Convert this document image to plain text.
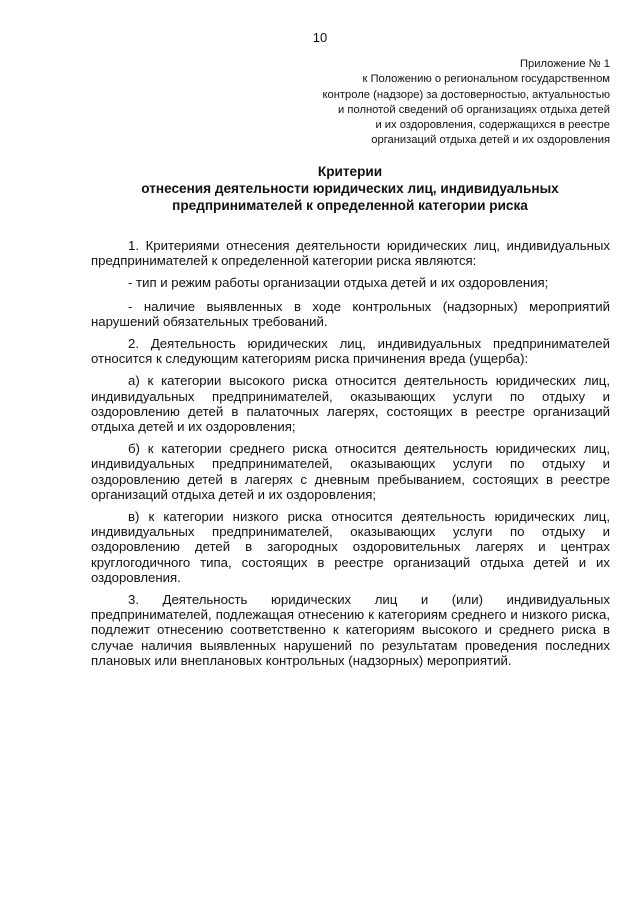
10
Приложение № 1
к Положению о региональном государственном
контроле (надзоре) за достоверностью, актуальностью
и полнотой сведений об организациях отдыха детей
и их оздоровления, содержащихся в реестре
организаций отдыха детей и их оздоровления
Критерии
отнесения деятельности юридических лиц, индивидуальных
предпринимателей к определенной категории риска

1. Критериями отнесения деятельности юридических лиц, индивидуальных предпринимателей к определенной категории риска являются:

- тип и режим работы организации отдыха детей и их оздоровления;

- наличие выявленных в ходе контрольных (надзорных) мероприятий нарушений обязательных требований.

2. Деятельность юридических лиц, индивидуальных предпринимателей относится к следующим категориям риска причинения вреда (ущерба):

а) к категории высокого риска относится деятельность юридических лиц, индивидуальных предпринимателей, оказывающих услуги по отдыху и оздоровлению детей в палаточных лагерях, состоящих в реестре организаций отдыха детей и их оздоровления;

б) к категории среднего риска относится деятельность юридических лиц, индивидуальных предпринимателей, оказывающих услуги по отдыху и оздоровлению детей в лагерях с дневным пребыванием, состоящих в реестре организаций отдыха детей и их оздоровления;

в) к категории низкого риска относится деятельность юридических лиц, индивидуальных предпринимателей, оказывающих услуги по отдыху и оздоровлению детей в загородных оздоровительных лагерях и центрах круглогодичного типа, состоящих в реестре организаций отдыха детей и их оздоровления.

3. Деятельность юридических лиц и (или) индивидуальных предпринимателей, подлежащая отнесению к категориям среднего и низкого риска, подлежит отнесению соответственно к категориям высокого и среднего риска в случае наличия выявленных нарушений по результатам проведения последних плановых или внеплановых контрольных (надзорных) мероприятий.
